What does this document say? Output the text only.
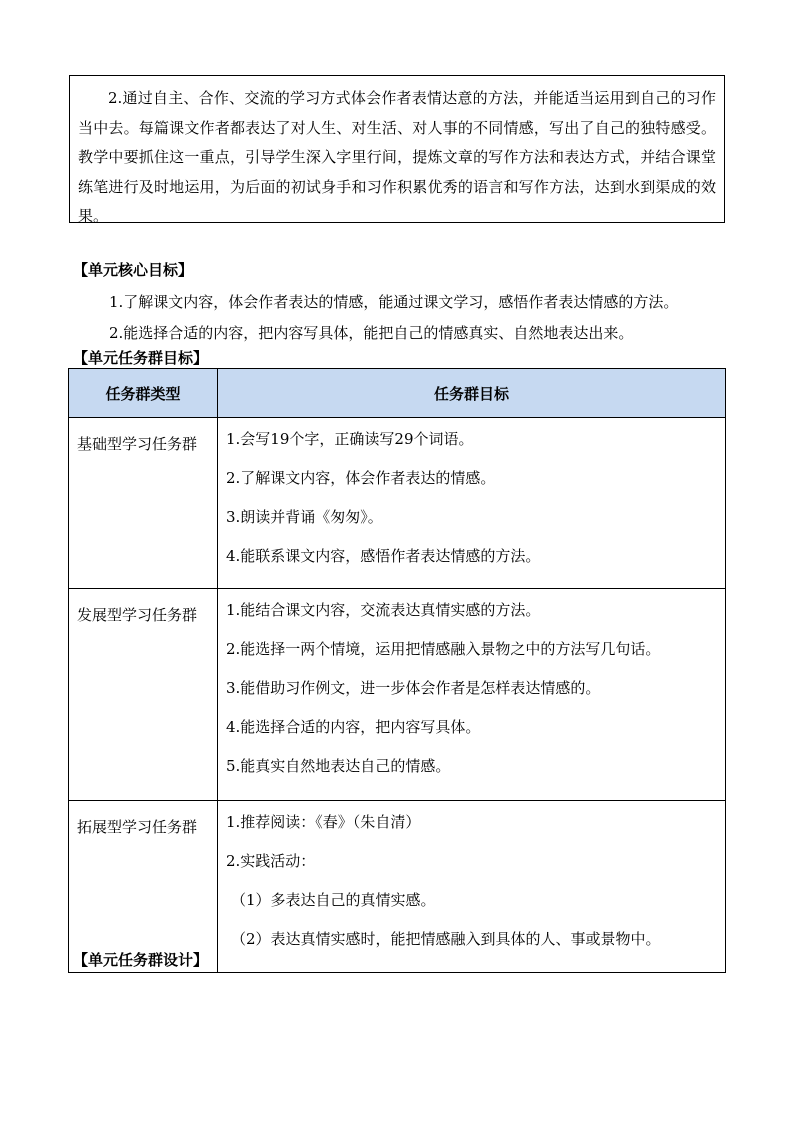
2.通过自主、合作、交流的学习方式体会作者表情达意的方法，并能适当运用到自己的习作当中去。每篇课文作者都表达了对人生、对生活、对人事的不同情感，写出了自己的独特感受。教学中要抓住这一重点，引导学生深入字里行间，提炼文章的写作方法和表达方式，并结合课堂练笔进行及时地运用，为后面的初试身手和习作积累优秀的语言和写作方法，达到水到渠成的效果。
【单元核心目标】
1.了解课文内容，体会作者表达的情感，能通过课文学习，感悟作者表达情感的方法。
2.能选择合适的内容，把内容写具体，能把自己的情感真实、自然地表达出来。
【单元任务群目标】
任务群类型	任务群目标
基础型学习任务群	1.会写19个字，正确读写29个词语。
2.了解课文内容，体会作者表达的情感。
3.朗读并背诵《匆匆》。
4.能联系课文内容，感悟作者表达情感的方法。

发展型学习任务群	1.能结合课文内容，交流表达真情实感的方法。
2.能选择一两个情境，运用把情感融入景物之中的方法写几句话。
3.能借助习作例文，进一步体会作者是怎样表达情感的。
4.能选择合适的内容，把内容写具体。
5.能真实自然地表达自己的情感。

拓展型学习任务群	1.推荐阅读：《春》（朱自清）
2.实践活动：
（1）多表达自己的真情实感。
（2）表达真情实感时，能把情感融入到具体的人、事或景物中。
【单元任务群设计】
